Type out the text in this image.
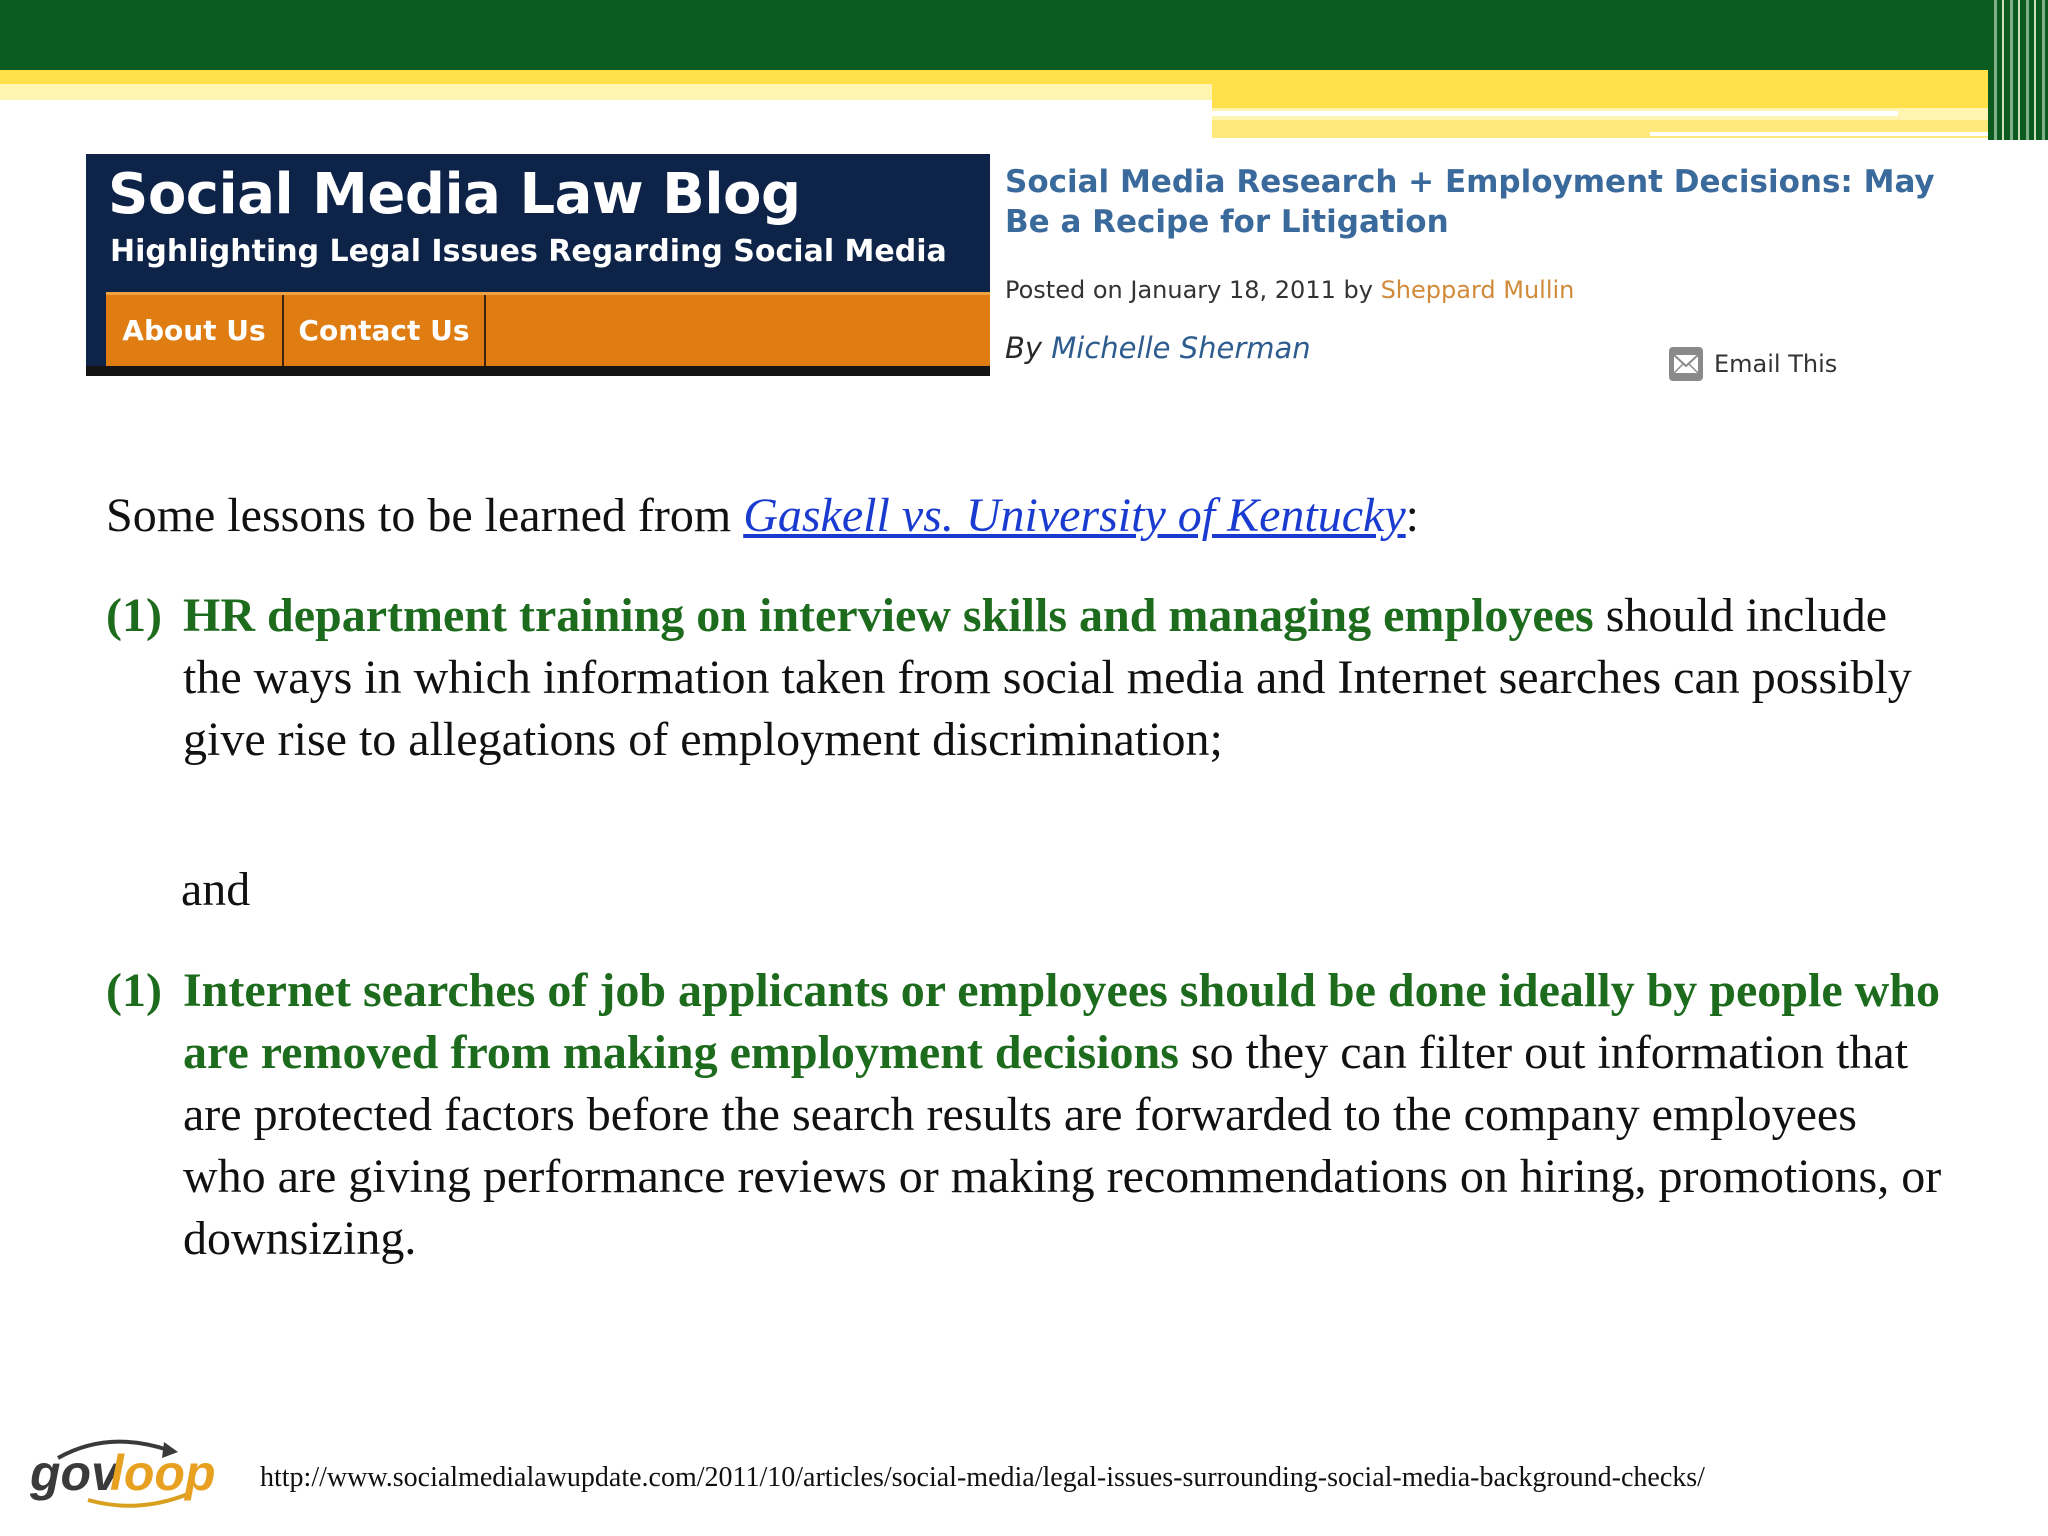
Social Media Law Blog
Highlighting Legal Issues Regarding Social Media
About Us	Contact Us
Social Media Research + Employment Decisions: May Be a Recipe for Litigation
Posted on January 18, 2011 by Sheppard Mullin
By Michelle Sherman	Email This
Some lessons to be learned from Gaskell vs. University of Kentucky:
(1) HR department training on interview skills and managing employees should include the ways in which information taken from social media and Internet searches can possibly give rise to allegations of employment discrimination;
and
(1) Internet searches of job applicants or employees should be done ideally by people who are removed from making employment decisions so they can filter out information that are protected factors before the search results are forwarded to the company employees who are giving performance reviews or making recommendations on hiring, promotions, or downsizing.
gov
loop http://www.socialmedialawupdate.com/2011/10/articles/social-media/legal-issues-surrounding-social-media-background-checks/
